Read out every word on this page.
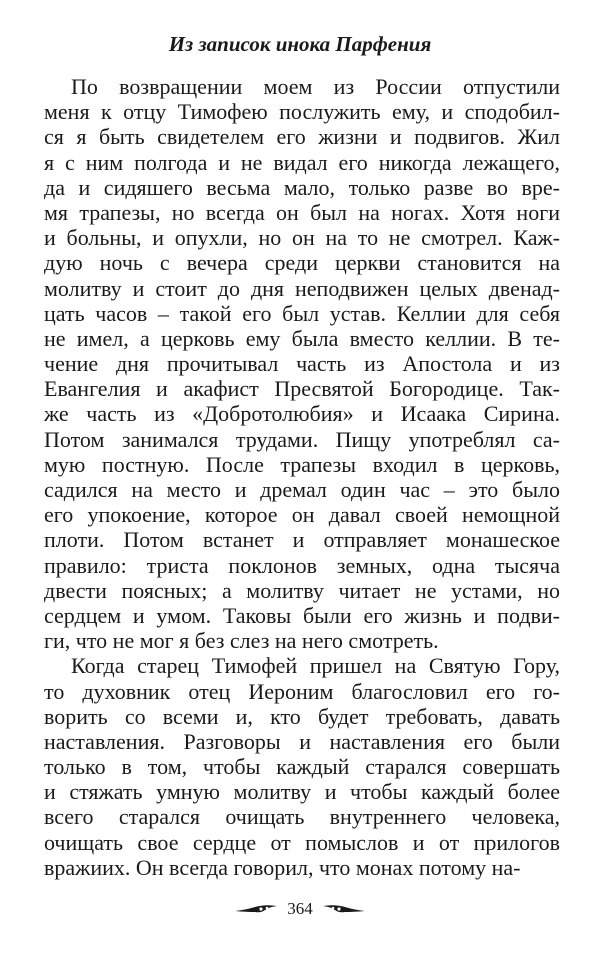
Из записок инока Парфения
По возвращении моем из России отпустили
меня к отцу Тимофею послужить ему, и сподобил-
ся я быть свидетелем его жизни и подвигов. Жил
я с ним полгода и не видал его никогда лежащего,
да и сидяшего весьма мало, только разве во вре-
мя трапезы, но всегда он был на ногах. Хотя ноги
и больны, и опухли, но он на то не смотрел. Каж-
дую ночь с вечера среди церкви становится на
молитву и стоит до дня неподвижен целых двенад-
цать часов – такой его был устав. Келлии для себя
не имел, а церковь ему была вместо келлии. В те-
чение дня прочитывал часть из Апостола и из
Евангелия и акафист Пресвятой Богородице. Так-
же часть из «Добротолюбия» и Исаака Сирина.
Потом занимался трудами. Пищу употреблял са-
мую постную. После трапезы входил в церковь,
садился на место и дремал один час – это было
его упокоение, которое он давал своей немощной
плоти. Потом встанет и отправляет монашеское
правило: триста поклонов земных, одна тысяча
двести поясных; а молитву читает не устами, но
сердцем и умом. Таковы были его жизнь и подви-
ги, что не мог я без слез на него смотреть.
Когда старец Тимофей пришел на Святую Гору,
то духовник отец Иероним благословил его го-
ворить со всеми и, кто будет требовать, давать
наставления. Разговоры и наставления его были
только в том, чтобы каждый старался совершать
и стяжать умную молитву и чтобы каждый более
всего старался очищать внутреннего человека,
очищать свое сердце от помыслов и от прилогов
вражиих. Он всегда говорил, что монах потому на-
364
